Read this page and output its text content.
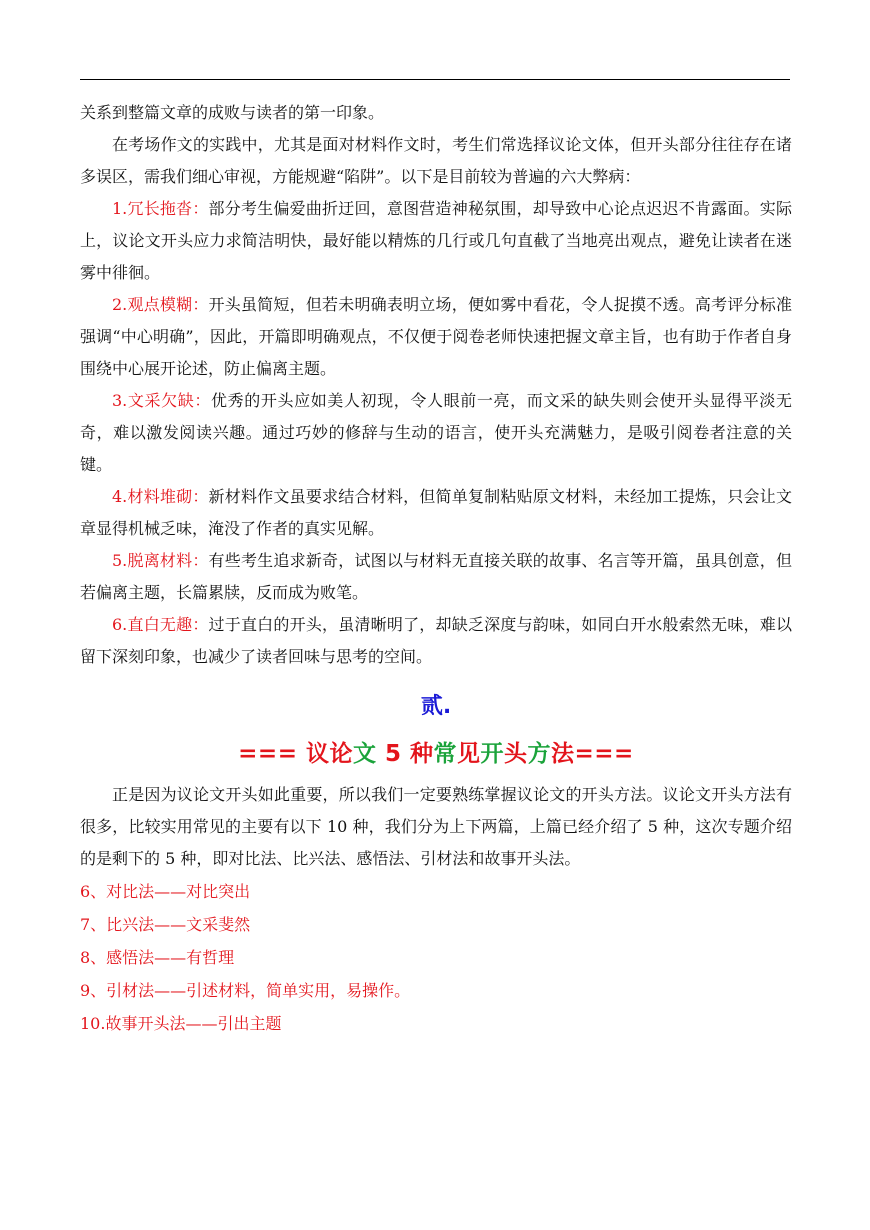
关系到整篇文章的成败与读者的第一印象。

在考场作文的实践中，尤其是面对材料作文时，考生们常选择议论文体，但开头部分往往存在诸多误区，需我们细心审视，方能规避“陷阱”。以下是目前较为普遍的六大弊病：

1.冗长拖沓：部分考生偏爱曲折迂回，意图营造神秘氛围，却导致中心论点迟迟不肯露面。实际上，议论文开头应力求简洁明快，最好能以精炼的几行或几句直截了当地亮出观点，避免让读者在迷雾中徘徊。

2.观点模糊：开头虽简短，但若未明确表明立场，便如雾中看花，令人捉摸不透。高考评分标准强调“中心明确”，因此，开篇即明确观点，不仅便于阅卷老师快速把握文章主旨，也有助于作者自身围绕中心展开论述，防止偏离主题。

3.文采欠缺：优秀的开头应如美人初现，令人眼前一亮，而文采的缺失则会使开头显得平淡无奇，难以激发阅读兴趣。通过巧妙的修辞与生动的语言，使开头充满魅力，是吸引阅卷者注意的关键。

4.材料堆砌：新材料作文虽要求结合材料，但简单复制粘贴原文材料，未经加工提炼，只会让文章显得机械乏味，淹没了作者的真实见解。

5.脱离材料：有些考生追求新奇，试图以与材料无直接关联的故事、名言等开篇，虽具创意，但若偏离主题，长篇累牍，反而成为败笔。

6.直白无趣：过于直白的开头，虽清晰明了，却缺乏深度与韵味，如同白开水般索然无味，难以留下深刻印象，也减少了读者回味与思考的空间。

贰.
=== 议论文 5 种常见开头方法===

正是因为议论文开头如此重要，所以我们一定要熟练掌握议论文的开头方法。议论文开头方法有很多，比较实用常见的主要有以下 10 种，我们分为上下两篇，上篇已经介绍了 5 种，这次专题介绍的是剩下的 5 种，即对比法、比兴法、感悟法、引材法和故事开头法。

6、对比法——对比突出
7、比兴法——文采斐然
8、感悟法——有哲理
9、引材法——引述材料，简单实用，易操作。
10.故事开头法——引出主题
